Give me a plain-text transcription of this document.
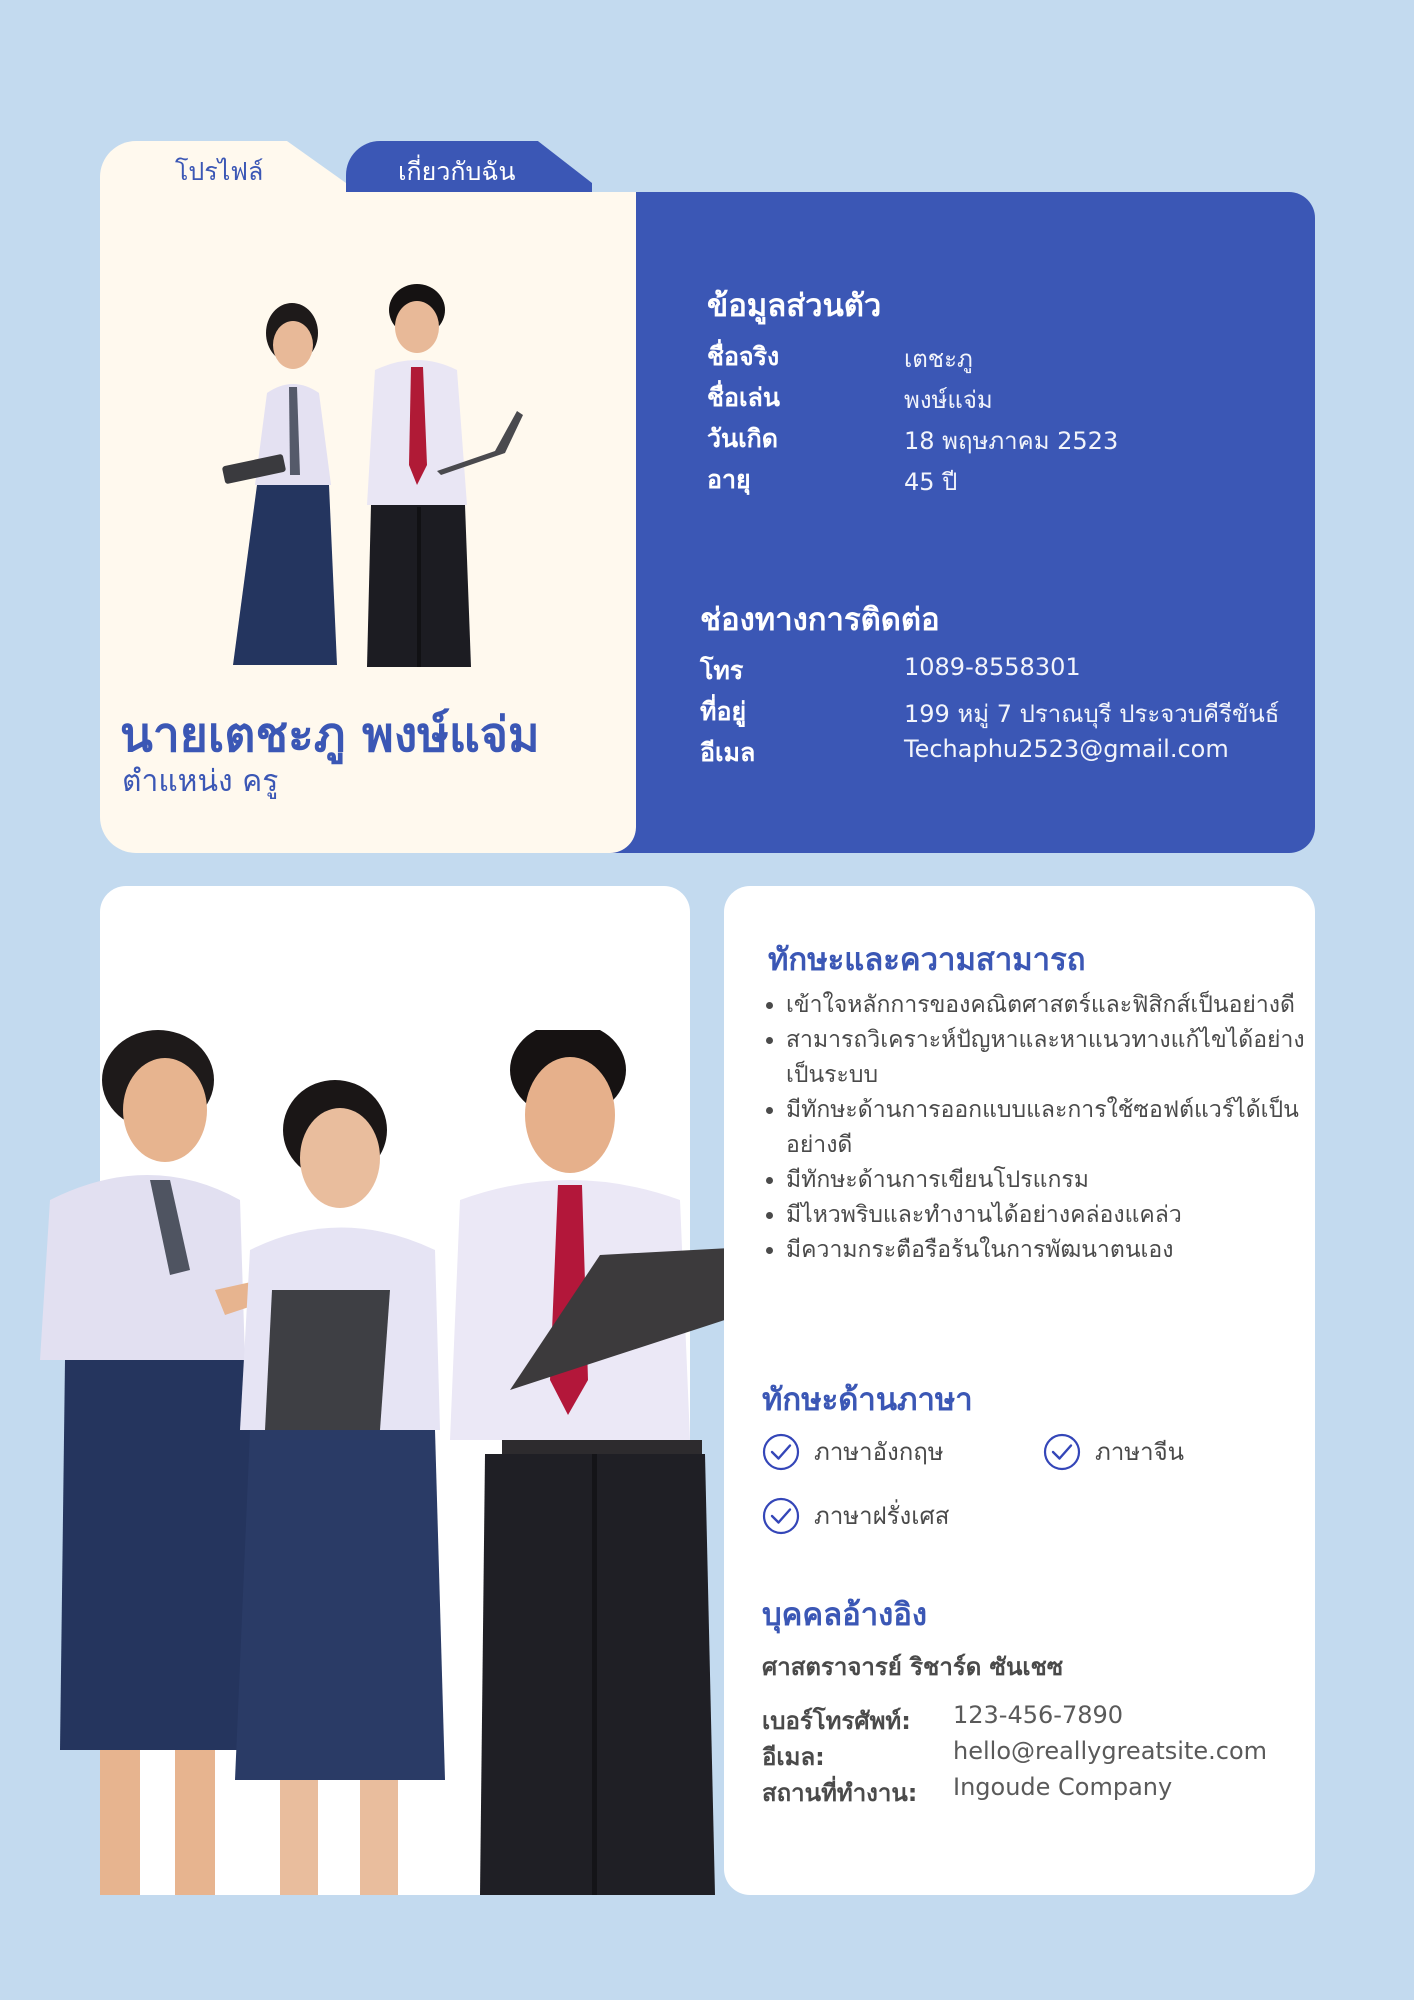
เกี่ยวกับฉัน
โปรไฟล์
นายเตชะภู พงษ์แจ่ม
ตำแหน่ง ครู
ข้อมูลส่วนตัว
ชื่อจริง	เตชะภู
ชื่อเล่น	พงษ์แจ่ม
วันเกิด	18 พฤษภาคม 2523
อายุ	45 ปี
ช่องทางการติดต่อ
โทร	1089-8558301
ที่อยู่	199 หมู่ 7 ปราณบุรี ประจวบคีรีขันธ์
อีเมล	Techaphu2523@gmail.com
ทักษะและความสามารถ
• เข้าใจหลักการของคณิตศาสตร์และฟิสิกส์เป็นอย่างดี
• สามารถวิเคราะห์ปัญหาและหาแนวทางแก้ไขได้อย่างเป็นระบบ
• มีทักษะด้านการออกแบบและการใช้ซอฟต์แวร์ได้เป็นอย่างดี
• มีทักษะด้านการเขียนโปรแกรม
• มีไหวพริบและทำงานได้อย่างคล่องแคล่ว
• มีความกระตือรือร้นในการพัฒนาตนเอง
ทักษะด้านภาษา
ภาษาอังกฤษ	ภาษาจีน
ภาษาฝรั่งเศส
บุคคลอ้างอิง
ศาสตราจารย์ ริชาร์ด ซันเชซ
เบอร์โทรศัพท์: 123-456-7890
อีเมล:	hello@reallygreatsite.com
สถานที่ทำงาน: Ingoude Company
